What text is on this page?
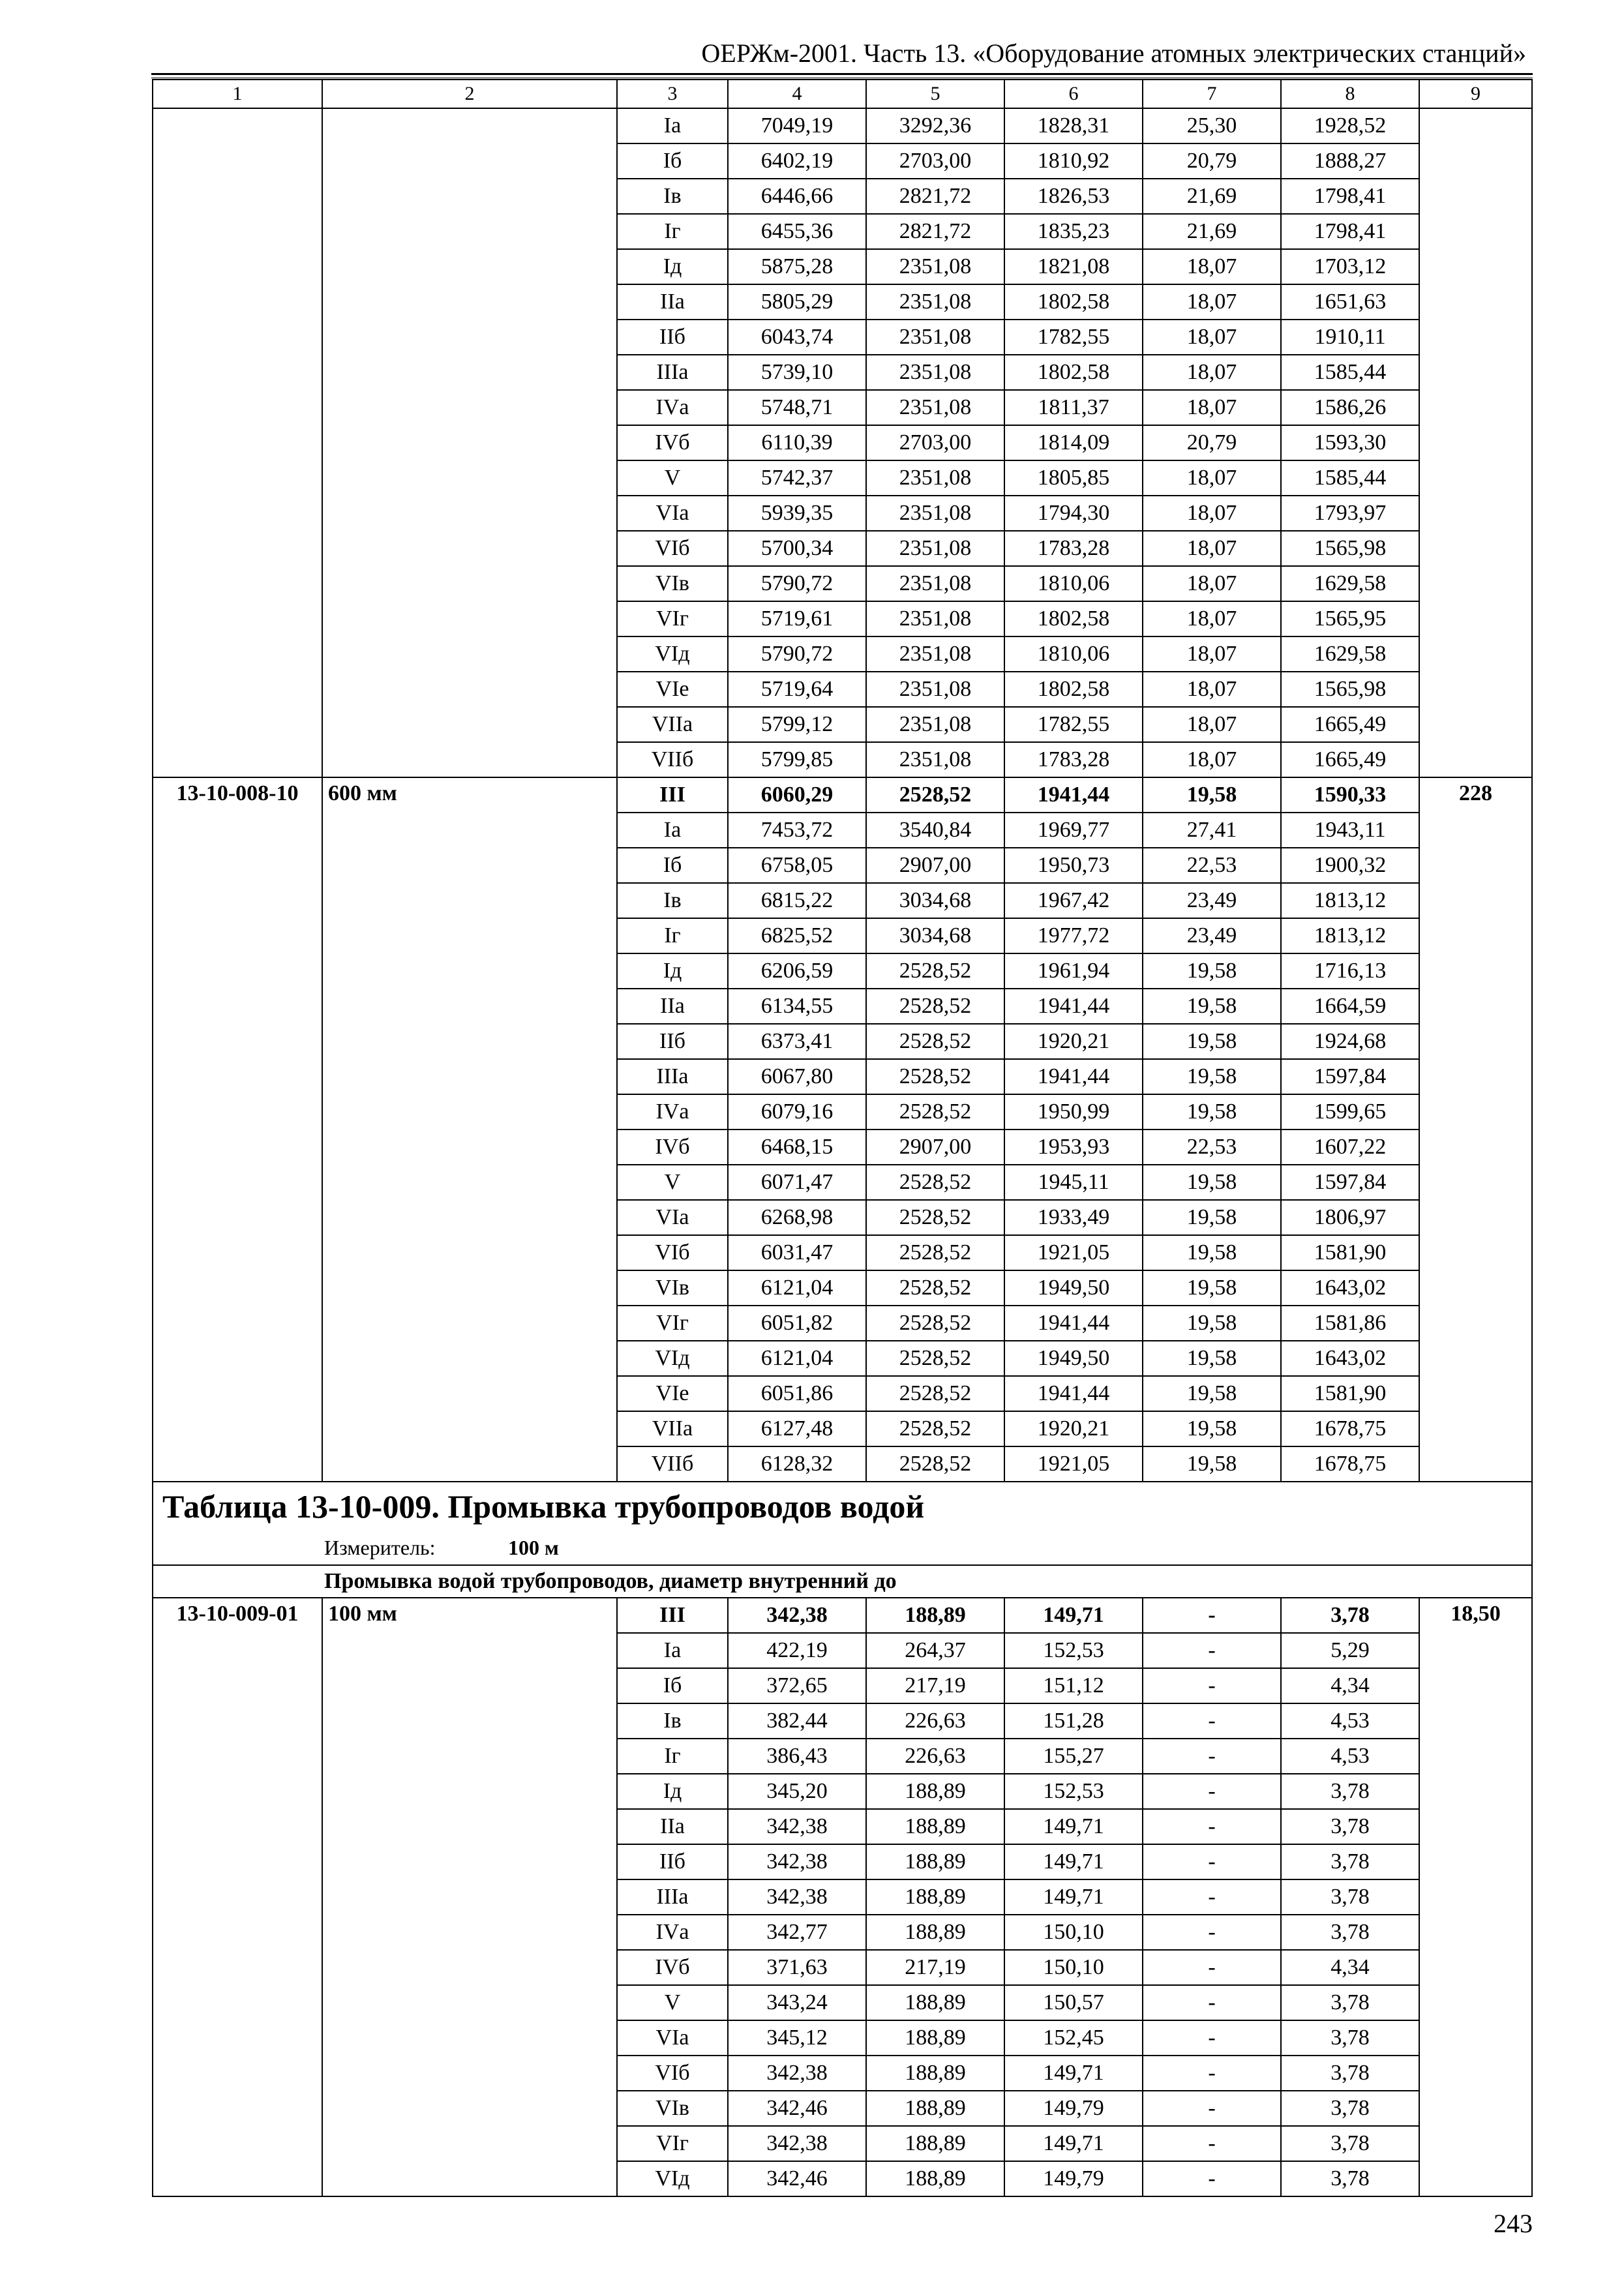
ОЕРЖм-2001. Часть 13. «Оборудование атомных электрических станций»
1	2	3	4	5	6	7	8	9
		Iа	7049,19	3292,36	1828,31	25,30	1928,52	
		Iб	6402,19	2703,00	1810,92	20,79	1888,27	
		Iв	6446,66	2821,72	1826,53	21,69	1798,41	
		Iг	6455,36	2821,72	1835,23	21,69	1798,41	
		Iд	5875,28	2351,08	1821,08	18,07	1703,12	
		IIа	5805,29	2351,08	1802,58	18,07	1651,63	
		IIб	6043,74	2351,08	1782,55	18,07	1910,11	
		IIIа	5739,10	2351,08	1802,58	18,07	1585,44	
		IVа	5748,71	2351,08	1811,37	18,07	1586,26	
		IVб	6110,39	2703,00	1814,09	20,79	1593,30	
		V	5742,37	2351,08	1805,85	18,07	1585,44	
		VIа	5939,35	2351,08	1794,30	18,07	1793,97	
		VIб	5700,34	2351,08	1783,28	18,07	1565,98	
		VIв	5790,72	2351,08	1810,06	18,07	1629,58	
		VIг	5719,61	2351,08	1802,58	18,07	1565,95	
		VIд	5790,72	2351,08	1810,06	18,07	1629,58	
		VIе	5719,64	2351,08	1802,58	18,07	1565,98	
		VIIа	5799,12	2351,08	1782,55	18,07	1665,49	
		VIIб	5799,85	2351,08	1783,28	18,07	1665,49	
13-10-008-10	600 мм	III	6060,29	2528,52	1941,44	19,58	1590,33	228
		Iа	7453,72	3540,84	1969,77	27,41	1943,11	
		Iб	6758,05	2907,00	1950,73	22,53	1900,32	
		Iв	6815,22	3034,68	1967,42	23,49	1813,12	
		Iг	6825,52	3034,68	1977,72	23,49	1813,12	
		Iд	6206,59	2528,52	1961,94	19,58	1716,13	
		IIа	6134,55	2528,52	1941,44	19,58	1664,59	
		IIб	6373,41	2528,52	1920,21	19,58	1924,68	
		IIIа	6067,80	2528,52	1941,44	19,58	1597,84	
		IVа	6079,16	2528,52	1950,99	19,58	1599,65	
		IVб	6468,15	2907,00	1953,93	22,53	1607,22	
		V	6071,47	2528,52	1945,11	19,58	1597,84	
		VIа	6268,98	2528,52	1933,49	19,58	1806,97	
		VIб	6031,47	2528,52	1921,05	19,58	1581,90	
		VIв	6121,04	2528,52	1949,50	19,58	1643,02	
		VIг	6051,82	2528,52	1941,44	19,58	1581,86	
		VIд	6121,04	2528,52	1949,50	19,58	1643,02	
		VIе	6051,86	2528,52	1941,44	19,58	1581,90	
		VIIа	6127,48	2528,52	1920,21	19,58	1678,75	
		VIIб	6128,32	2528,52	1921,05	19,58	1678,75	
Таблица 13-10-009. Промывка трубопроводов водой								
Измеритель: 100 м								
Промывка водой трубопроводов, диаметр внутренний до								
13-10-009-01	100 мм	III	342,38	188,89	149,71	-	3,78	18,50
		Iа	422,19	264,37	152,53	-	5,29	
		Iб	372,65	217,19	151,12	-	4,34	
		Iв	382,44	226,63	151,28	-	4,53	
		Iг	386,43	226,63	155,27	-	4,53	
		Iд	345,20	188,89	152,53	-	3,78	
		IIа	342,38	188,89	149,71	-	3,78	
		IIб	342,38	188,89	149,71	-	3,78	
		IIIа	342,38	188,89	149,71	-	3,78	
		IVа	342,77	188,89	150,10	-	3,78	
		IVб	371,63	217,19	150,10	-	4,34	
		V	343,24	188,89	150,57	-	3,78	
		VIа	345,12	188,89	152,45	-	3,78	
		VIб	342,38	188,89	149,71	-	3,78	
		VIв	342,46	188,89	149,79	-	3,78	
		VIг	342,38	188,89	149,71	-	3,78	
		VIд	342,46	188,89	149,79	-	3,78	
243
